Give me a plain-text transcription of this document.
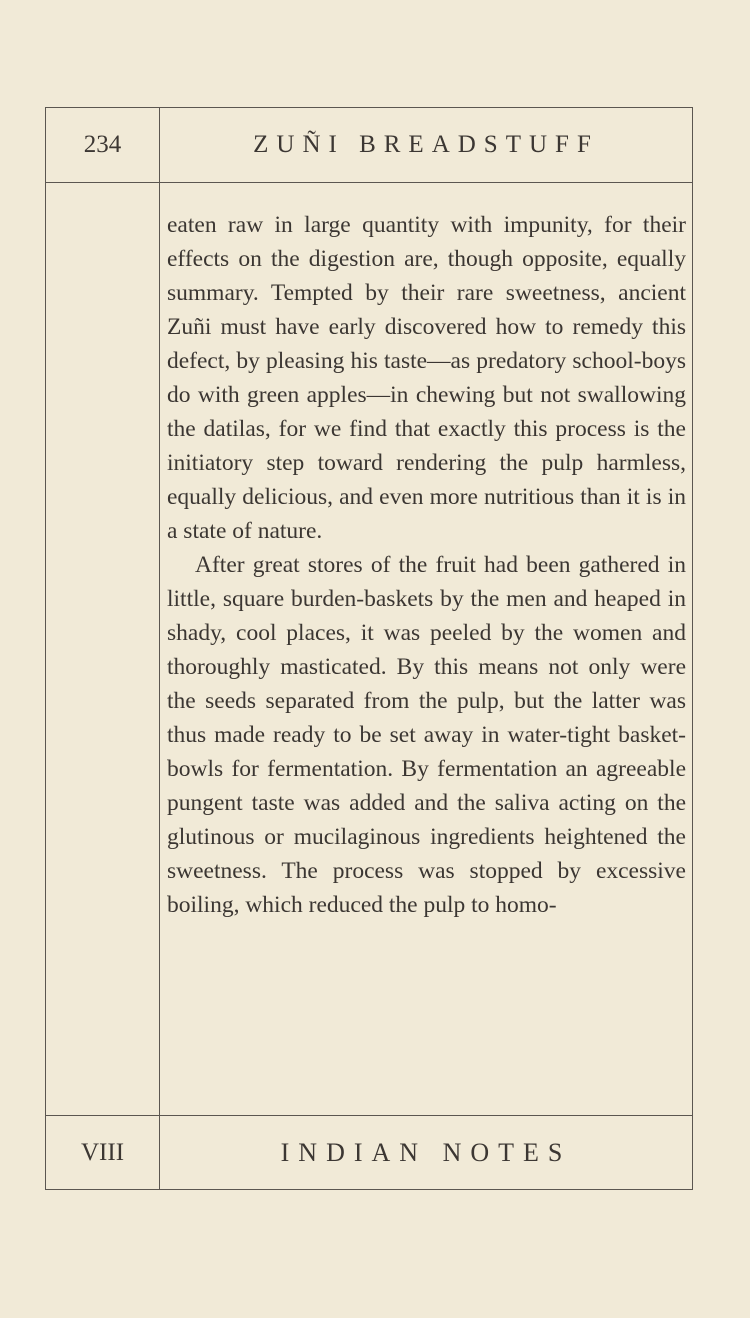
234	ZUÑI BREADSTUFF

eaten raw in large quantity with impunity, for their effects on the digestion are, though opposite, equally summary. Tempted by their rare sweetness, ancient Zuñi must have early discovered how to remedy this defect, by pleasing his taste—as predatory school-boys do with green apples—in chewing but not swallowing the datilas, for we find that exactly this process is the initiatory step toward rendering the pulp harmless, equally delicious, and even more nutritious than it is in a state of nature.

After great stores of the fruit had been gathered in little, square burden-baskets by the men and heaped in shady, cool places, it was peeled by the women and thoroughly masticated. By this means not only were the seeds separated from the pulp, but the latter was thus made ready to be set away in water-tight basket-bowls for fermentation. By fermentation an agreeable pungent taste was added and the saliva acting on the glutinous or mucilaginous ingredients heightened the sweetness. The process was stopped by excessive boiling, which reduced the pulp to homo-

VIII	INDIAN NOTES
